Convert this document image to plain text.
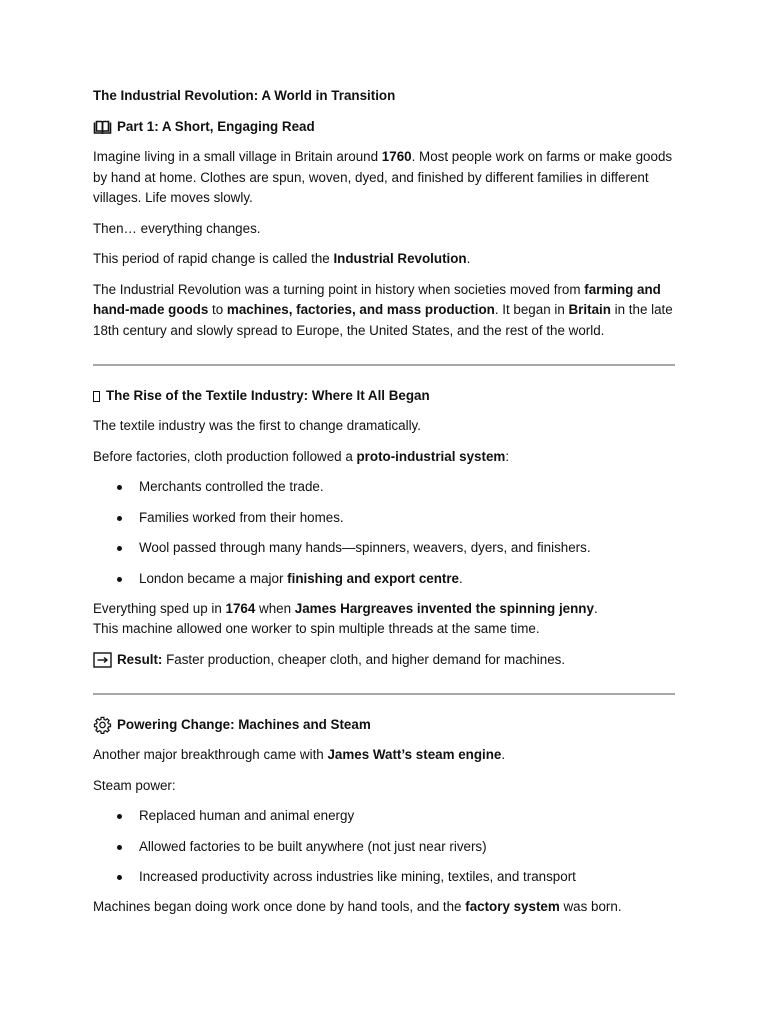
The Industrial Revolution: A World in Transition
Part 1: A Short, Engaging Read

Imagine living in a small village in Britain around 1760. Most people work on farms or make goods by hand at home. Clothes are spun, woven, dyed, and finished by different families in different villages. Life moves slowly.

Then… everything changes.

This period of rapid change is called the Industrial Revolution.

The Industrial Revolution was a turning point in history when societies moved from farming and hand-made goods to machines, factories, and mass production. It began in Britain in the late 18th century and slowly spread to Europe, the United States, and the rest of the world.

The Rise of the Textile Industry: Where It All Began

The textile industry was the first to change dramatically.

Before factories, cloth production followed a proto-industrial system:

Merchants controlled the trade.
Families worked from their homes.
Wool passed through many hands—spinners, weavers, dyers, and finishers.
London became a major finishing and export centre.

Everything sped up in 1764 when James Hargreaves invented the spinning jenny.

This machine allowed one worker to spin multiple threads at the same time.

Result: Faster production, cheaper cloth, and higher demand for machines.

Powering Change: Machines and Steam

Another major breakthrough came with James Watt’s steam engine.

Steam power:

Replaced human and animal energy
Allowed factories to be built anywhere (not just near rivers)
Increased productivity across industries like mining, textiles, and transport

Machines began doing work once done by hand tools, and the factory system was born.
